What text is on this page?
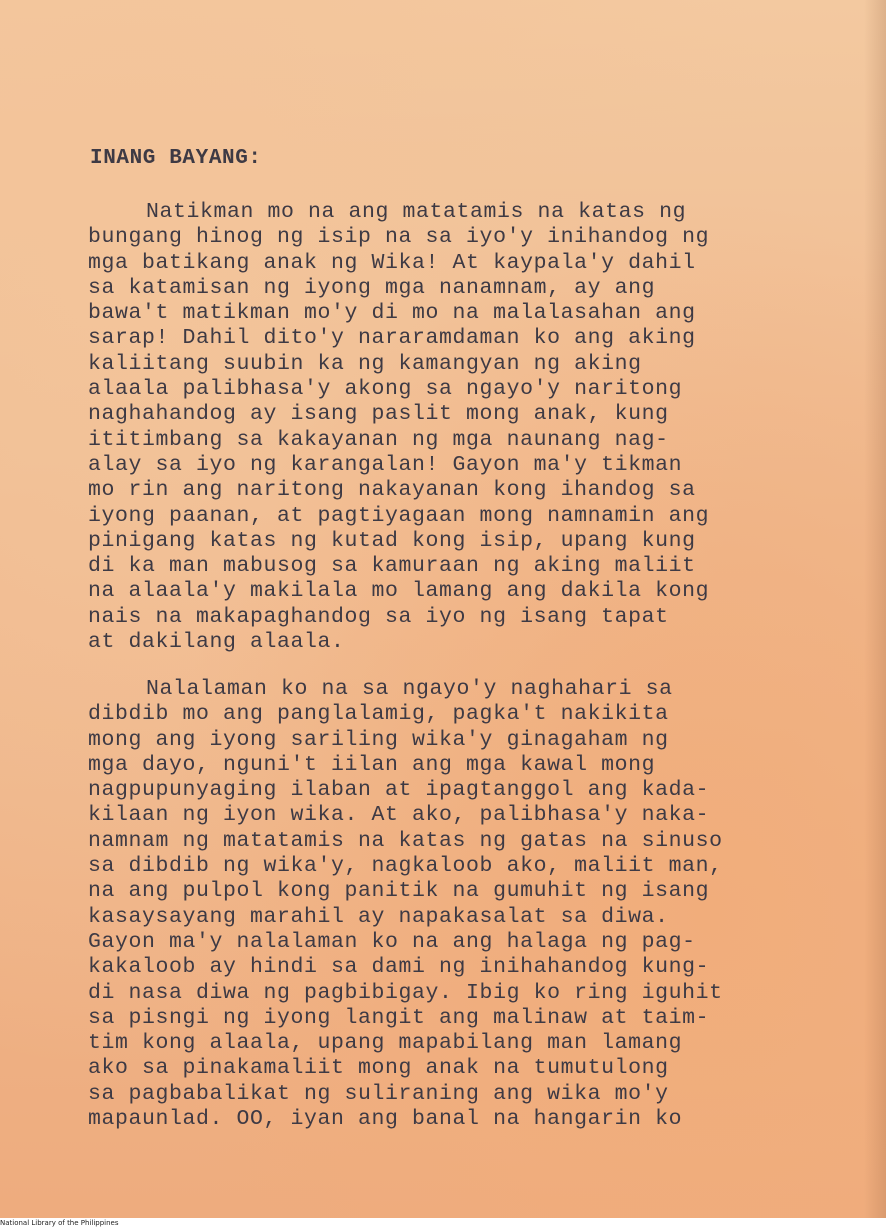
INANG BAYANG:
Natikman mo na ang matatamis na katas ng
bungang hinog ng isip na sa iyo'y inihandog ng
mga batikang anak ng Wika! At kaypala'y dahil
sa katamisan ng iyong mga nanamnam, ay ang
bawa't matikman mo'y di mo na malalasahan ang
sarap! Dahil dito'y nararamdaman ko ang aking
kaliitang suubin ka ng kamangyan ng aking
alaala palibhasa'y akong sa ngayo'y naritong
naghahandog ay isang paslit mong anak, kung
ititimbang sa kakayanan ng mga naunang nag-
alay sa iyo ng karangalan! Gayon ma'y tikman
mo rin ang naritong nakayanan kong ihandog sa
iyong paanan, at pagtiyagaan mong namnamin ang
pinigang katas ng kutad kong isip, upang kung
di ka man mabusog sa kamuraan ng aking maliit
na alaala'y makilala mo lamang ang dakila kong
nais na makapaghandog sa iyo ng isang tapat
at dakilang alaala.
Nalalaman ko na sa ngayo'y naghahari sa
dibdib mo ang panglalamig, pagka't nakikita
mong ang iyong sariling wika'y ginagaham ng
mga dayo, nguni't iilan ang mga kawal mong
nagpupunyaging ilaban at ipagtanggol ang kada-
kilaan ng iyon wika. At ako, palibhasa'y naka-
namnam ng matatamis na katas ng gatas na sinuso
sa dibdib ng wika'y, nagkaloob ako, maliit man,
na ang pulpol kong panitik na gumuhit ng isang
kasaysayang marahil ay napakasalat sa diwa.
Gayon ma'y nalalaman ko na ang halaga ng pag-
kakaloob ay hindi sa dami ng inihahandog kung-
di nasa diwa ng pagbibigay. Ibig ko ring iguhit
sa pisngi ng iyong langit ang malinaw at taim-
tim kong alaala, upang mapabilang man lamang
ako sa pinakamaliit mong anak na tumutulong
sa pagbabalikat ng suliraning ang wika mo'y
mapaunlad. OO, iyan ang banal na hangarin ko
National Library of the Philippines
